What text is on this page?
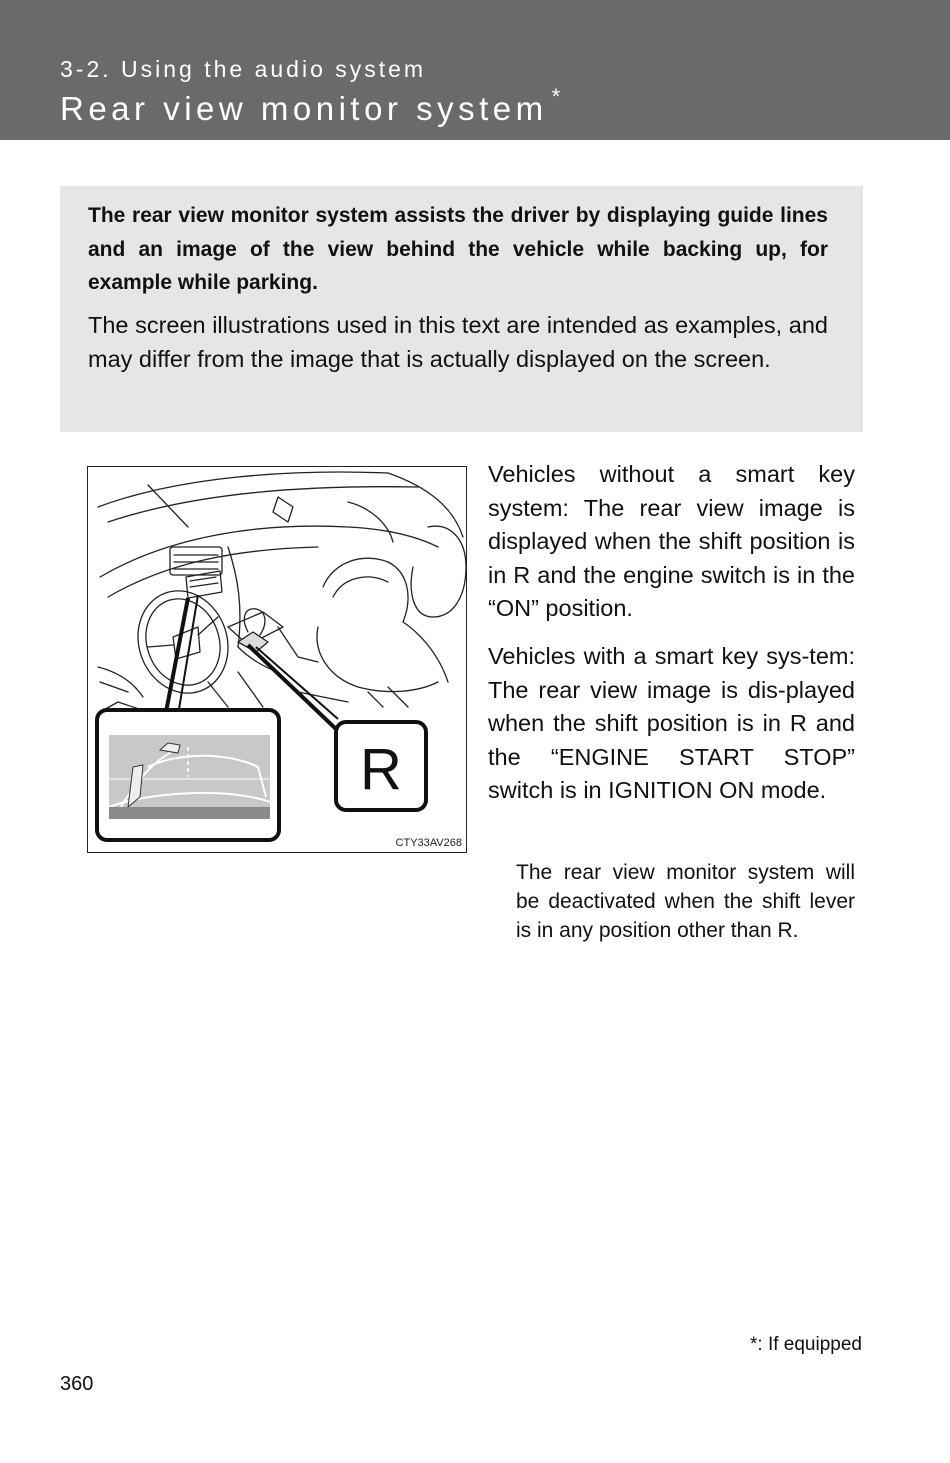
3-2. Using the audio system
Rear view monitor system *
The rear view monitor system assists the driver by displaying guide lines and an image of the view behind the vehicle while backing up, for example while parking.
The screen illustrations used in this text are intended as examples, and may differ from the image that is actually displayed on the screen.
R
CTY33AV268
Vehicles without a smart key system: The rear view image is displayed when the shift position is in R and the engine switch is in the “ON” position.
Vehicles with a smart key sys-tem: The rear view image is dis-played when the shift position is in R and the “ENGINE START STOP” switch is in IGNITION ON mode.
The rear view monitor system will be deactivated when the shift lever is in any position other than R.
*: If equipped
360
